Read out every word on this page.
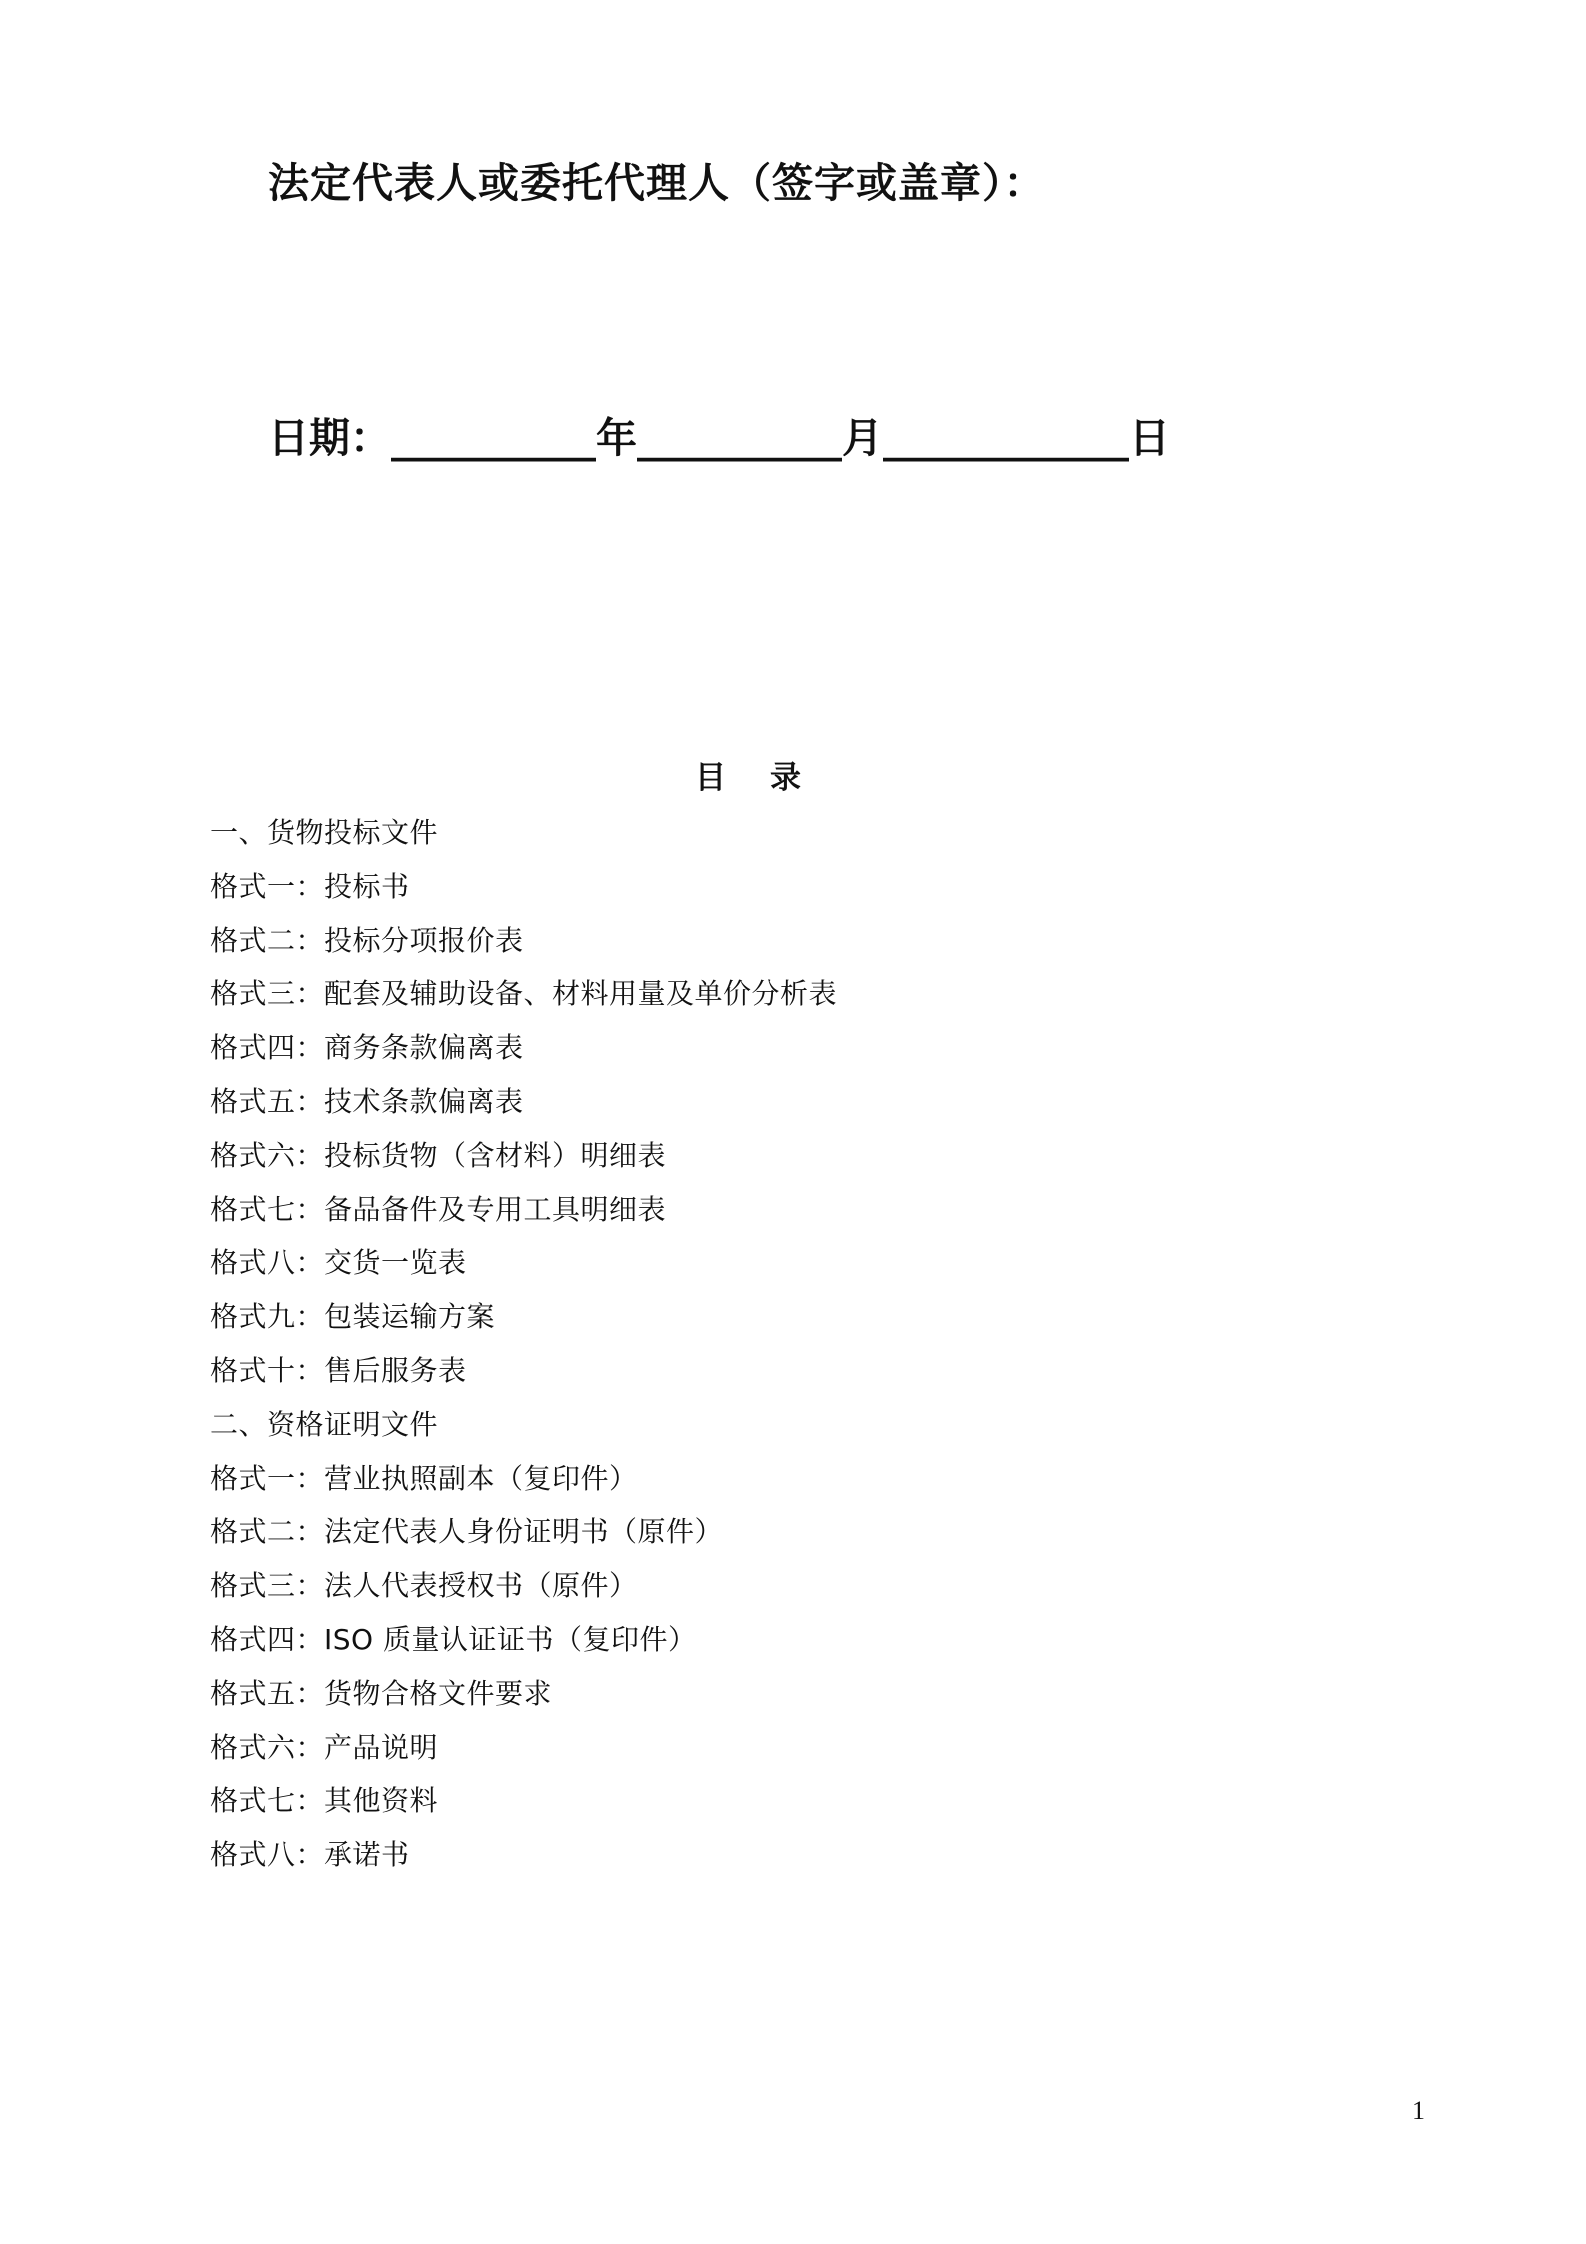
法定代表人或委托代理人（签字或盖章）：
日期：__________年__________月____________日
目录
一、货物投标文件
格式一：投标书
格式二：投标分项报价表
格式三：配套及辅助设备、材料用量及单价分析表
格式四：商务条款偏离表
格式五：技术条款偏离表
格式六：投标货物（含材料）明细表
格式七：备品备件及专用工具明细表
格式八：交货一览表
格式九：包装运输方案
格式十：售后服务表
二、资格证明文件
格式一：营业执照副本（复印件）
格式二：法定代表人身份证明书（原件）
格式三：法人代表授权书（原件）
格式四：ISO 质量认证证书（复印件）
格式五：货物合格文件要求
格式六：产品说明
格式七：其他资料
格式八：承诺书
1
